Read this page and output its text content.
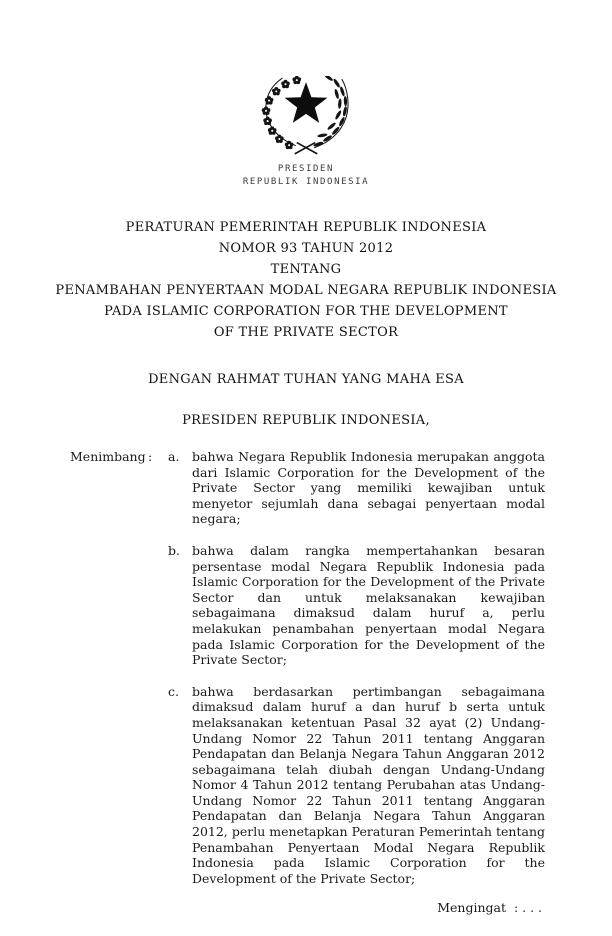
PRESIDEN
REPUBLIK INDONESIA
PERATURAN PEMERINTAH REPUBLIK INDONESIA
NOMOR 93 TAHUN 2012
TENTANG
PENAMBAHAN PENYERTAAN MODAL NEGARA REPUBLIK INDONESIA
PADA ISLAMIC CORPORATION FOR THE DEVELOPMENT
OF THE PRIVATE SECTOR
DENGAN RAHMAT TUHAN YANG MAHA ESA
PRESIDEN REPUBLIK INDONESIA,
Menimbang :	a.	bahwa Negara Republik Indonesia merupakan anggota dari Islamic Corporation for the Development of the Private Sector yang memiliki kewajiban untuk menyetor sejumlah dana sebagai penyertaan modal negara;
b. bahwa dalam rangka mempertahankan besaran persentase modal Negara Republik Indonesia pada Islamic Corporation for the Development of the Private Sector dan untuk melaksanakan kewajiban sebagaimana dimaksud dalam huruf a, perlu melakukan penambahan penyertaan modal Negara pada Islamic Corporation for the Development of the Private Sector;
c.	bahwa berdasarkan pertimbangan sebagaimana dimaksud dalam huruf a dan huruf b serta untuk melaksanakan ketentuan Pasal 32 ayat (2) Undang-Undang Nomor 22 Tahun 2011 tentang Anggaran Pendapatan dan Belanja Negara Tahun Anggaran 2012 sebagaimana telah diubah dengan Undang-Undang Nomor 4 Tahun 2012 tentang Perubahan atas Undang-Undang Nomor 22 Tahun 2011 tentang Anggaran Pendapatan dan Belanja Negara Tahun Anggaran 2012, perlu menetapkan Peraturan Pemerintah tentang Penambahan Penyertaan Modal Negara Republik Indonesia pada Islamic Corporation for the Development of the Private Sector;
Mengingat  : . . .
